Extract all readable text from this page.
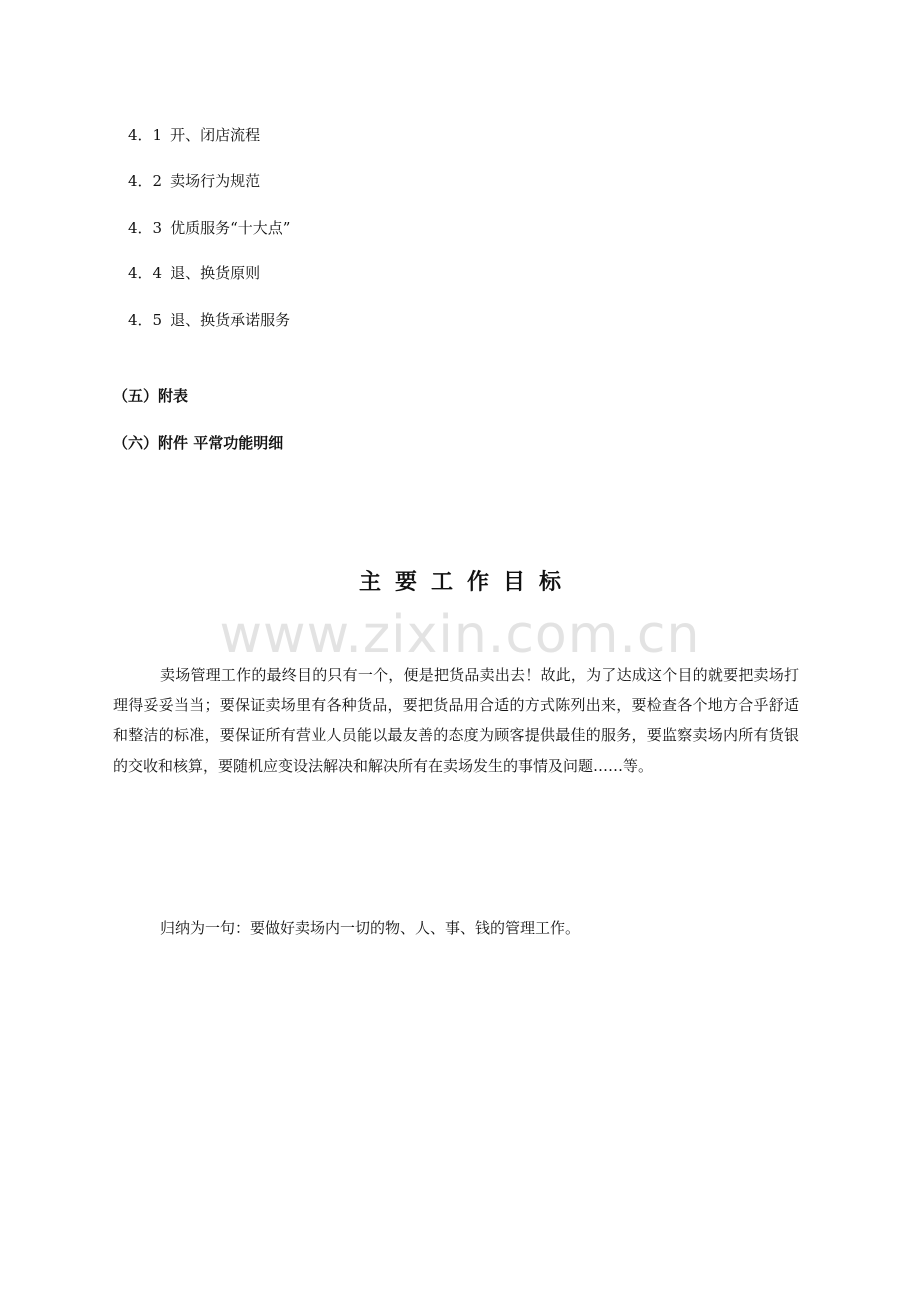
4．1 开、闭店流程
4．2 卖场行为规范
4．3 优质服务“十大点”
4．4 退、换货原则
4．5 退、换货承诺服务
（五）附表
（六）附件 平常功能明细
主要工作目标
www.zixin.com.cn
卖场管理工作的最终目的只有一个，便是把货品卖出去！故此，为了达成这个目的就要把卖场打理得妥妥当当；要保证卖场里有各种货品，要把货品用合适的方式陈列出来，要检查各个地方合乎舒适和整洁的标准，要保证所有营业人员能以最友善的态度为顾客提供最佳的服务，要监察卖场内所有货银的交收和核算，要随机应变设法解决和解决所有在卖场发生的事情及问题……等。
归纳为一句：要做好卖场内一切的物、人、事、钱的管理工作。
